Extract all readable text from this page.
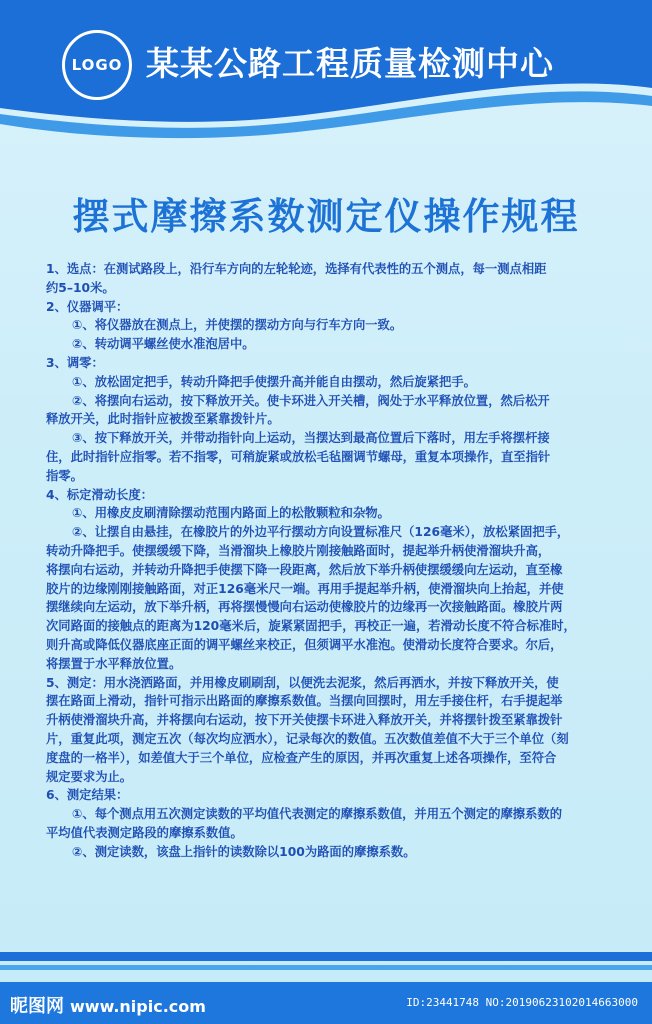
LOGO 某某公路工程质量检测中心
摆式摩擦系数测定仪操作规程
1、选点：在测试路段上，沿行车方向的左轮轮迹，选择有代表性的五个测点，每一测点相距
约5–10米。
2、仪器调平：
①、将仪器放在测点上，并使摆的摆动方向与行车方向一致。
②、转动调平螺丝使水准泡居中。
3、调零：
①、放松固定把手，转动升降把手使摆升高并能自由摆动，然后旋紧把手。
②、将摆向右运动，按下释放开关。使卡环进入开关槽，阀处于水平释放位置，然后松开
释放开关，此时指针应被拨至紧靠拨针片。
③、按下释放开关，并带动指针向上运动，当摆达到最高位置后下落时，用左手将摆杆接
住，此时指针应指零。若不指零，可稍旋紧或放松毛毡圈调节螺母，重复本项操作，直至指针
指零。
4、标定滑动长度：
①、用橡皮皮刷清除摆动范围内路面上的松散颗粒和杂物。
②、让摆自由悬挂，在橡胶片的外边平行摆动方向设置标准尺（126毫米），放松紧固把手，
转动升降把手。使摆缓缓下降，当滑溜块上橡胶片刚接触路面时，提起举升柄使滑溜块升高，
将摆向右运动，并转动升降把手使摆下降一段距离，然后放下举升柄使摆缓缓向左运动，直至橡
胶片的边缘刚刚接触路面，对正126毫米尺一端。再用手提起举升柄，使滑溜块向上抬起，并使
摆继续向左运动，放下举升柄，再将摆慢慢向右运动使橡胶片的边缘再一次接触路面。橡胶片两
次同路面的接触点的距离为120毫米后，旋紧紧固把手，再校正一遍，若滑动长度不符合标准时，
则升高或降低仪器底座正面的调平螺丝来校正，但须调平水准泡。使滑动长度符合要求。尔后，
将摆置于水平释放位置。
5、测定：用水浇洒路面，并用橡皮刷刷刮，以便洗去泥浆，然后再洒水，并按下释放开关，使
摆在路面上滑动，指针可指示出路面的摩擦系数值。当摆向回摆时，用左手接住杆，右手提起举
升柄使滑溜块升高，并将摆向右运动，按下开关使摆卡环进入释放开关，并将摆针拨至紧靠拨针
片，重复此项，测定五次（每次均应洒水），记录每次的数值。五次数值差值不大于三个单位（刻
度盘的一格半），如差值大于三个单位，应检查产生的原因，并再次重复上述各项操作，至符合
规定要求为止。
6、测定结果：
①、每个测点用五次测定读数的平均值代表测定的摩擦系数值，并用五个测定的摩擦系数的
平均值代表测定路段的摩擦系数值。
②、测定读数，该盘上指针的读数除以100为路面的摩擦系数。
昵图网 www.nipic.com	ID:23441748 NO:20190623102014663000
